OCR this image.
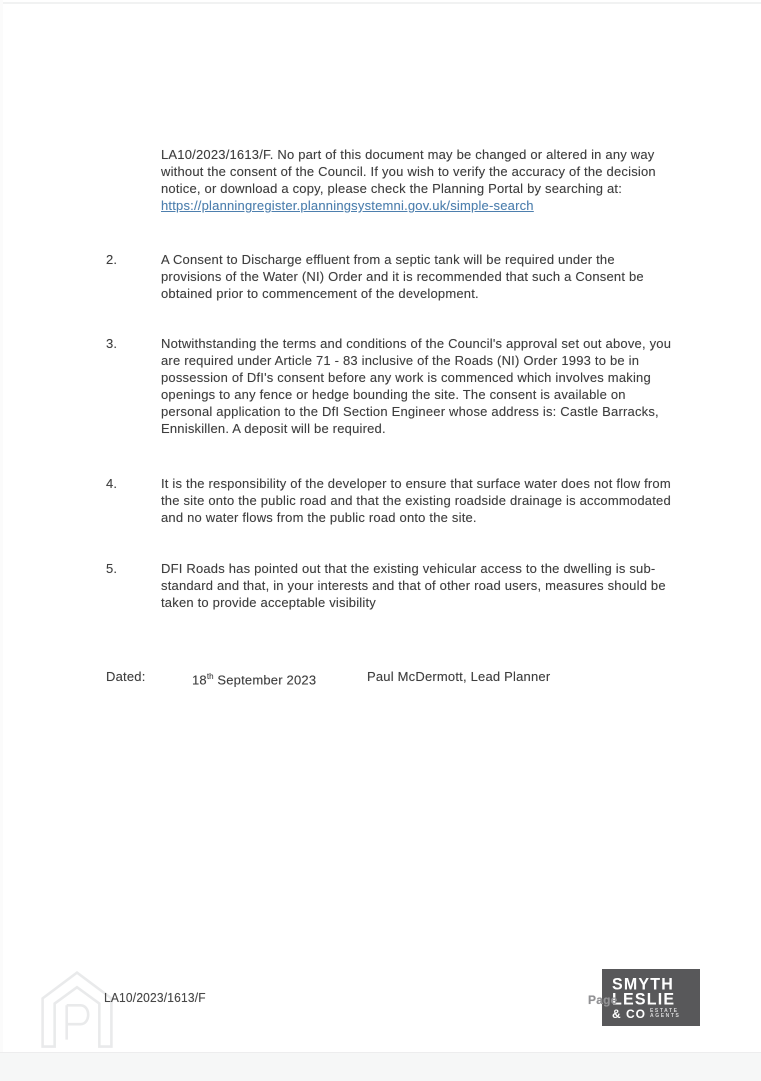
LA10/2023/1613/F. No part of this document may be changed or altered in any way without the consent of the Council. If you wish to verify the accuracy of the decision notice, or download a copy, please check the Planning Portal by searching at: https://planningregister.planningsystemni.gov.uk/simple-search
2.	A Consent to Discharge effluent from a septic tank will be required under the provisions of the Water (NI) Order and it is recommended that such a Consent be obtained prior to commencement of the development.
3.	Notwithstanding the terms and conditions of the Council's approval set out above, you are required under Article 71 - 83 inclusive of the Roads (NI) Order 1993 to be in possession of DfI's consent before any work is commenced which involves making openings to any fence or hedge bounding the site. The consent is available on personal application to the DfI Section Engineer whose address is: Castle Barracks, Enniskillen. A deposit will be required.
4.	It is the responsibility of the developer to ensure that surface water does not flow from the site onto the public road and that the existing roadside drainage is accommodated and no water flows from the public road onto the site.
5.	DFI Roads has pointed out that the existing vehicular access to the dwelling is sub-standard and that, in your interests and that of other road users, measures should be taken to provide acceptable visibility
Dated:	18th September 2023	Paul McDermott, Lead Planner
LA10/2023/1613/F	Page
SMYTH
LESLIE
& CO ESTATE
AGENTS
